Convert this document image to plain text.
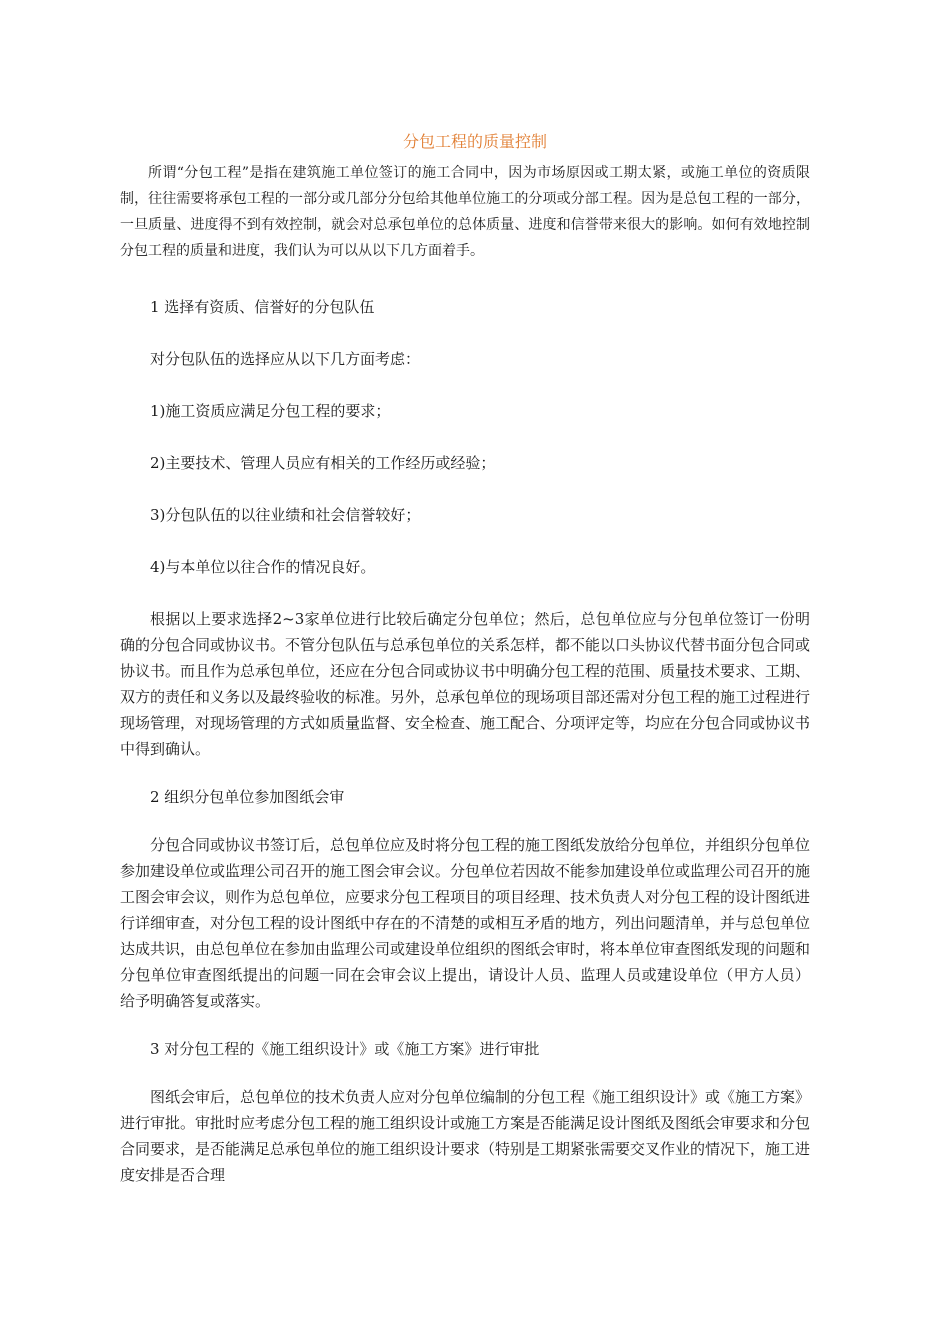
分包工程的质量控制

所谓“分包工程”是指在建筑施工单位签订的施工合同中，因为市场原因或工期太紧，或施工单位的资质限制，往往需要将承包工程的一部分或几部分分包给其他单位施工的分项或分部工程。因为是总包工程的一部分，一旦质量、进度得不到有效控制，就会对总承包单位的总体质量、进度和信誉带来很大的影响。如何有效地控制分包工程的质量和进度，我们认为可以从以下几方面着手。

1 选择有资质、信誉好的分包队伍

对分包队伍的选择应从以下几方面考虑：

1)施工资质应满足分包工程的要求；

2)主要技术、管理人员应有相关的工作经历或经验；

3)分包队伍的以往业绩和社会信誉较好；

4)与本单位以往合作的情况良好。

根据以上要求选择2~3家单位进行比较后确定分包单位；然后，总包单位应与分包单位签订一份明确的分包合同或协议书。不管分包队伍与总承包单位的关系怎样，都不能以口头协议代替书面分包合同或协议书。而且作为总承包单位，还应在分包合同或协议书中明确分包工程的范围、质量技术要求、工期、双方的责任和义务以及最终验收的标准。另外，总承包单位的现场项目部还需对分包工程的施工过程进行现场管理，对现场管理的方式如质量监督、安全检查、施工配合、分项评定等，均应在分包合同或协议书中得到确认。

2 组织分包单位参加图纸会审

分包合同或协议书签订后，总包单位应及时将分包工程的施工图纸发放给分包单位，并组织分包单位参加建设单位或监理公司召开的施工图会审会议。分包单位若因故不能参加建设单位或监理公司召开的施工图会审会议，则作为总包单位，应要求分包工程项目的项目经理、技术负责人对分包工程的设计图纸进行详细审查，对分包工程的设计图纸中存在的不清楚的或相互矛盾的地方，列出问题清单，并与总包单位达成共识，由总包单位在参加由监理公司或建设单位组织的图纸会审时，将本单位审查图纸发现的问题和分包单位审查图纸提出的问题一同在会审会议上提出，请设计人员、监理人员或建设单位（甲方人员） 给予明确答复或落实。

3 对分包工程的《施工组织设计》或《施工方案》进行审批

图纸会审后，总包单位的技术负责人应对分包单位编制的分包工程《施工组织设计》或《施工方案》进行审批。审批时应考虑分包工程的施工组织设计或施工方案是否能满足设计图纸及图纸会审要求和分包合同要求，是否能满足总承包单位的施工组织设计要求（特别是工期紧张需要交叉作业的情况下，施工进度安排是否合理
